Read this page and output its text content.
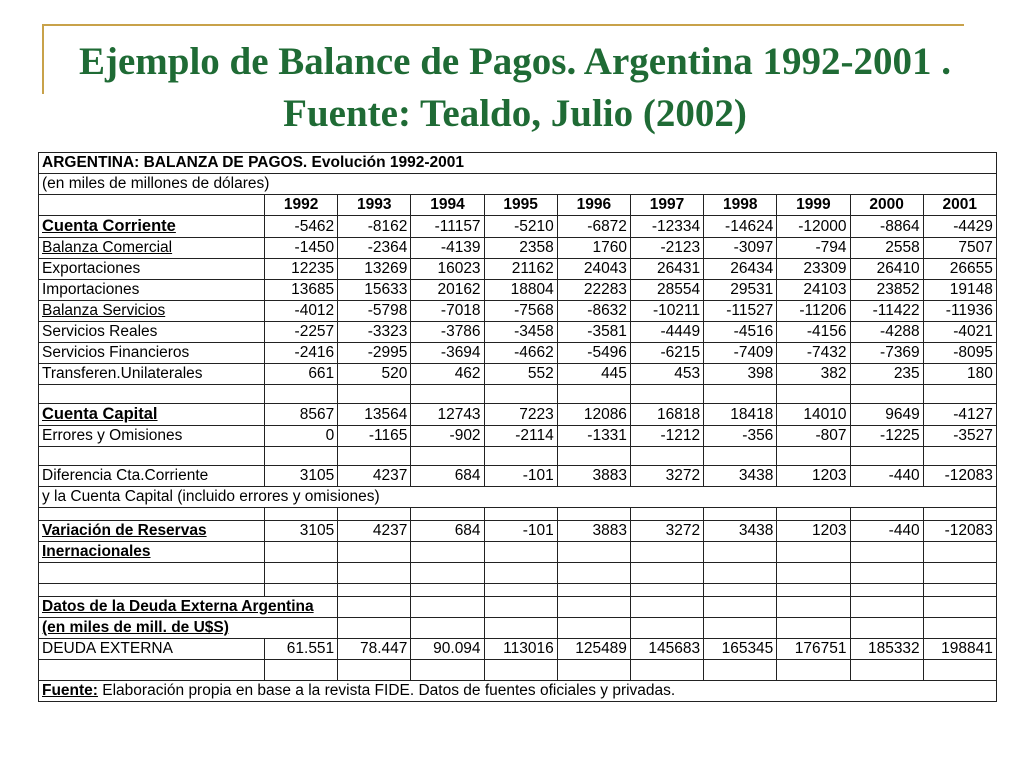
Ejemplo de Balance de Pagos. Argentina 1992-2001 . Fuente: Tealdo, Julio (2002)
ARGENTINA: BALANZA DE PAGOS. Evolución 1992-2001										
(en miles de millones de dólares)										
	1992	1993	1994	1995	1996	1997	1998	1999	2000	2001
Cuenta Corriente	-5462	-8162	-11157	-5210	-6872	-12334	-14624	-12000	-8864	-4429
Balanza Comercial	-1450	-2364	-4139	2358	1760	-2123	-3097	-794	2558	7507
Exportaciones	12235	13269	16023	21162	24043	26431	26434	23309	26410	26655
Importaciones	13685	15633	20162	18804	22283	28554	29531	24103	23852	19148
Balanza Servicios	-4012	-5798	-7018	-7568	-8632	-10211	-11527	-11206	-11422	-11936
Servicios Reales	-2257	-3323	-3786	-3458	-3581	-4449	-4516	-4156	-4288	-4021
Servicios Financieros	-2416	-2995	-3694	-4662	-5496	-6215	-7409	-7432	-7369	-8095
Transferen.Unilaterales	661	520	462	552	445	453	398	382	235	180

Cuenta Capital	8567	13564	12743	7223	12086	16818	18418	14010	9649	-4127
Errores y Omisiones	0	-1165	-902	-2114	-1331	-1212	-356	-807	-1225	-3527

Diferencia Cta.Corriente	3105	4237	684	-101	3883	3272	3438	1203	-440	-12083
y la Cuenta Capital (incluido errores y omisiones)										

Variación de Reservas	3105	4237	684	-101	3883	3272	3438	1203	-440	-12083
Inernacionales										

Datos de la Deuda Externa Argentina										
(en miles de mill. de U$S)										
DEUDA EXTERNA	61.551	78.447	90.094	113016	125489	145683	165345	176751	185332	198841

Fuente: Elaboración propia en base a la revista FIDE. Datos de fuentes oficiales y privadas.										
